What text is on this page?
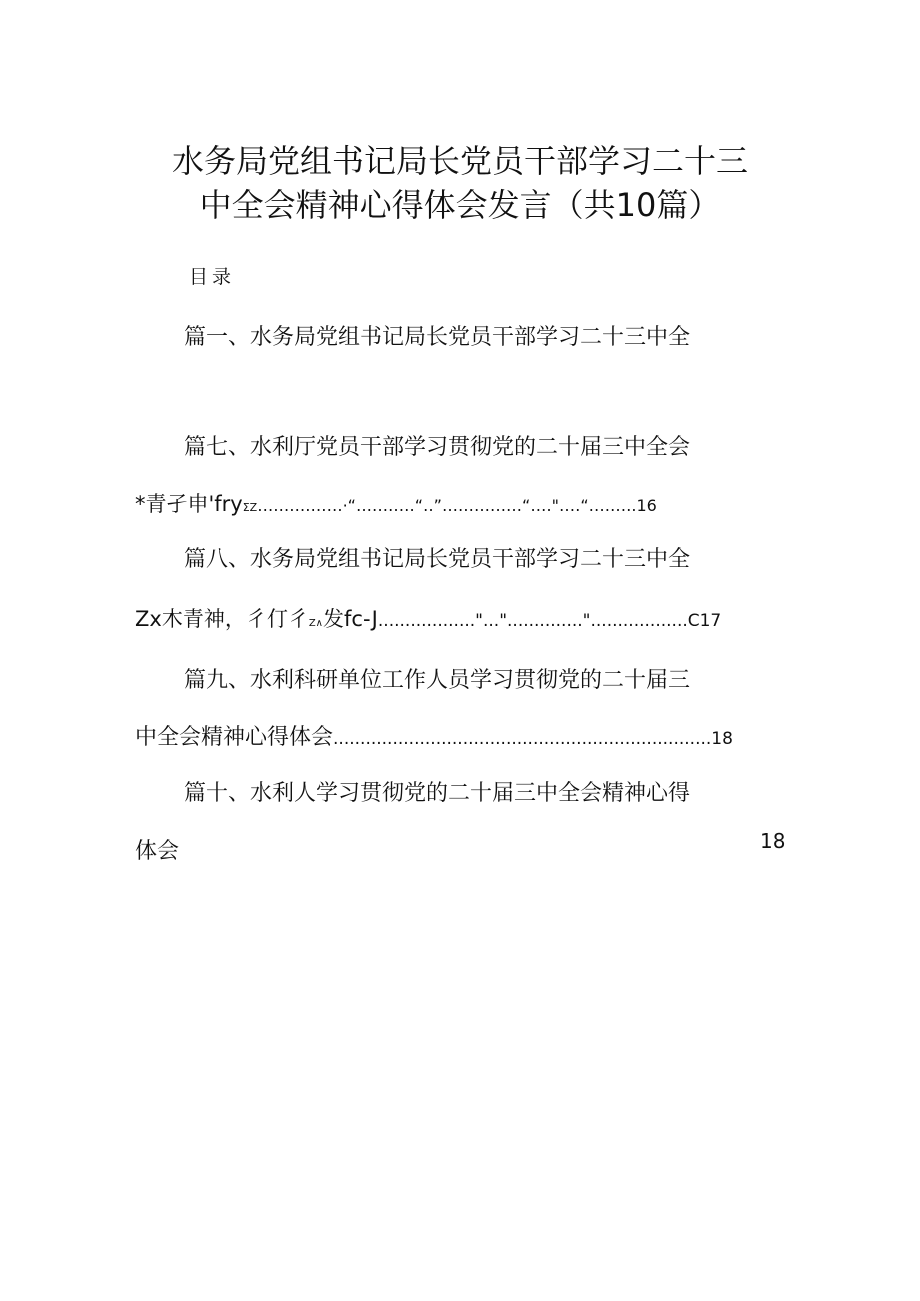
水务局党组书记局长党员干部学习二十三
中全会精神心得体会发言（共10篇）
目录
篇一、水务局党组书记局长党员干部学习二十三中全
篇七、水利厅党员干部学习贯彻党的二十届三中全会
*青孑申'fryΣΖ……‥…‥…·“‥‥‥‥…“‥”‥‥‥‥‥‥…“‥‥"‥‥“‥‥‥‥.16
篇八、水务局党组书记局长党员干部学习二十三中全
Zx木青神，彳仃彳Z∧发fc-J.................."...".............."..................C17
篇九、水利科研单位工作人员学习贯彻党的二十届三
中全会精神心得体会......................................................................18
篇十、水利人学习贯彻党的二十届三中全会精神心得
体会	18
